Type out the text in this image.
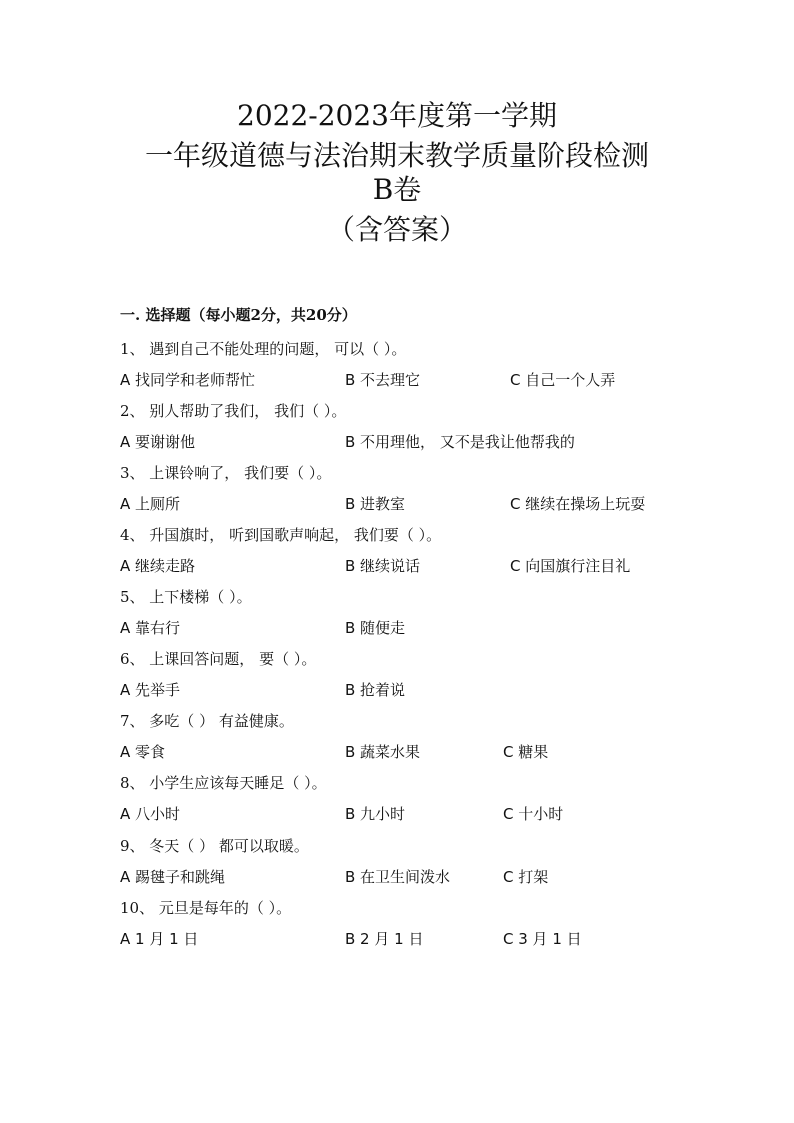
2022-2023年度第一学期
一年级道德与法治期末教学质量阶段检测
B卷
（含答案）
一. 选择题（每小题2分，共20分）
1、 遇到自己不能处理的问题， 可以（ ）。
A 找同学和老师帮忙	B 不去理它	C 自己一个人弄
2、 别人帮助了我们， 我们（ ）。
A 要谢谢他	B 不用理他， 又不是我让他帮我的
3、 上课铃响了， 我们要（ ）。
A 上厕所	B 进教室	C 继续在操场上玩耍
4、 升国旗时， 听到国歌声响起， 我们要（ ）。
A 继续走路	B 继续说话	C 向国旗行注目礼
5、 上下楼梯（ ）。
A 靠右行	B 随便走
6、 上课回答问题， 要（ ）。
A 先举手	B 抢着说
7、 多吃（ ） 有益健康。
A 零食	B 蔬菜水果	C 糖果
8、 小学生应该每天睡足（ ）。
A 八小时	B 九小时	C 十小时
9、 冬天（ ） 都可以取暖。
A 踢毽子和跳绳	B 在卫生间泼水	C 打架
10、 元旦是每年的（ ）。
A 1 月 1 日	B 2 月 1 日	C 3 月 1 日
